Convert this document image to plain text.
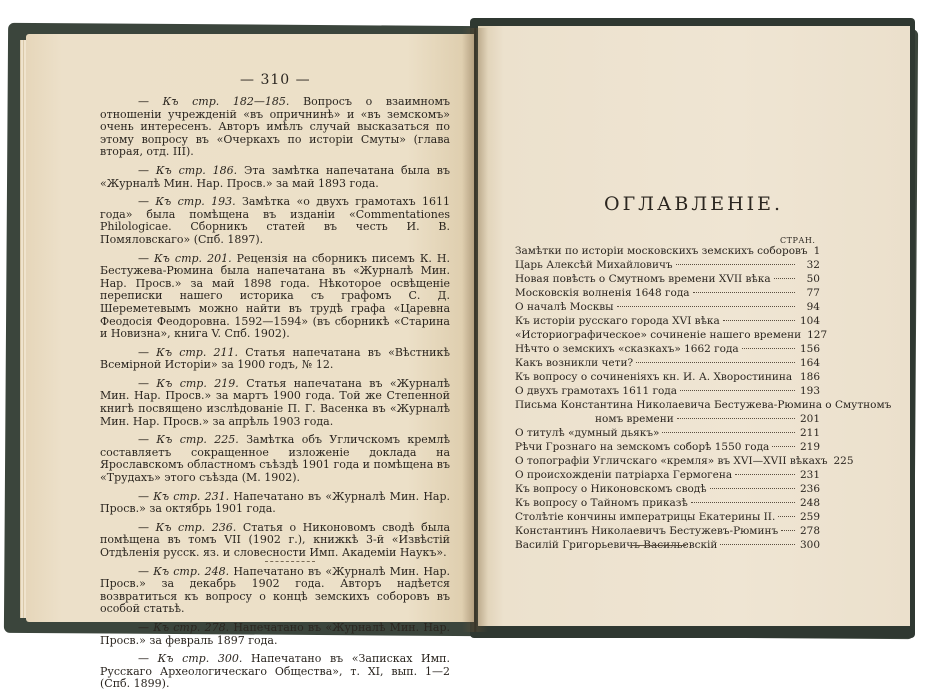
— 310 —
— Къ стр. 182—185. Вопросъ о взаимномъ отношеніи учрежденій «въ опричнинѣ» и «въ земскомъ» очень интересенъ. Авторъ имѣлъ случай высказаться по этому вопросу въ «Очеркахъ по исторіи Смуты» (глава вторая, отд. III).
— Къ стр. 186. Эта замѣтка напечатана была въ «Журналѣ Мин. Нар. Просв.» за май 1893 года.
— Къ стр. 193. Замѣтка «о двухъ грамотахъ 1611 года» была помѣщена въ изданіи «Commentationes Philologicae. Сборникъ статей въ честь И. В. Помяловскаго» (Спб. 1897).
— Къ стр. 201. Рецензія на сборникъ писемъ К. Н. Бестужева-Рюмина была напечатана въ «Журналѣ Мин. Нар. Просв.» за май 1898 года. Нѣкоторое освѣщеніе переписки нашего историка съ графомъ С. Д. Шереметевымъ можно найти въ трудѣ графа «Царевна Феодосія Феодоровна. 1592—1594» (въ сборникѣ «Старина и Новизна», книга V. Спб. 1902).
— Къ стр. 211. Статья напечатана въ «Вѣстникѣ Всемірной Исторіи» за 1900 годъ, № 12.
— Къ стр. 219. Статья напечатана въ «Журналѣ Мин. Нар. Просв.» за мартъ 1900 года. Той же Степенной книгѣ посвящено изслѣдованіе П. Г. Васенка въ «Журналѣ Мин. Нар. Просв.» за апрѣль 1903 года.
— Къ стр. 225. Замѣтка объ Угличскомъ кремлѣ составляетъ сокращенное изложеніе доклада на Ярославскомъ областномъ съѣздѣ 1901 года и помѣщена въ «Трудахъ» этого съѣзда (М. 1902).
— Къ стр. 231. Напечатано въ «Журналѣ Мин. Нар. Просв.» за октябрь 1901 года.
— Къ стр. 236. Статья о Никоновомъ сводѣ была помѣщена въ томъ VII (1902 г.), книжкѣ 3-й «Извѣстій Отдѣленія русск. яз. и словесности Имп. Академіи Наукъ».
— Къ стр. 248. Напечатано въ «Журналѣ Мин. Нар. Просв.» за декабрь 1902 года. Авторъ надѣется возвратиться къ вопросу о концѣ земскихъ соборовъ въ особой статьѣ.
— Къ стр. 278. Напечатано въ «Журналѣ Мин. Нар. Просв.» за февраль 1897 года.
— Къ стр. 300. Напечатано въ «Записках Имп. Русскаго Археологическаго Общества», т. XI, вып. 1—2 (Спб. 1899).
ОГЛАВЛЕНІЕ.
СТРАН.
Замѣтки по исторіи московскихъ земскихъ соборовъ 1
Царь Алексѣй Михайловичъ	32
Новая повѣсть о Смутномъ времени XVII вѣка	50
Московскія волненія 1648 года	77
О началѣ Москвы	94
Къ исторіи русскаго города XVI вѣка	104
«Историографическое» сочиненіе нашего времени 127
Нѣчто о земскихъ «сказкахъ» 1662 года	156
Какъ возникли чети?	164
Къ вопросу о сочиненіяхъ кн. И. А. Хворостинина 186
О двухъ грамотахъ 1611 года	193
Письма Константина Николаевича Бестужева-Рюмина о Смутномъ
номъ времени	201
О титулѣ «думный дьякъ»	211
Рѣчи Грознаго на земскомъ соборѣ 1550 года	219
О топографіи Угличскаго «кремля» въ XVI—XVII вѣкахъ 225
О происхожденіи патріарха Гермогена	231
Къ вопросу о Никоновскомъ сводѣ	236
Къ вопросу о Тайномъ приказѣ	248
Столѣтіе кончины императрицы Екатерины II. 259
Константинъ Николаевичъ Бестужевъ-Рюминъ 278
Василій Григорьевичъ Васильевскій	300
